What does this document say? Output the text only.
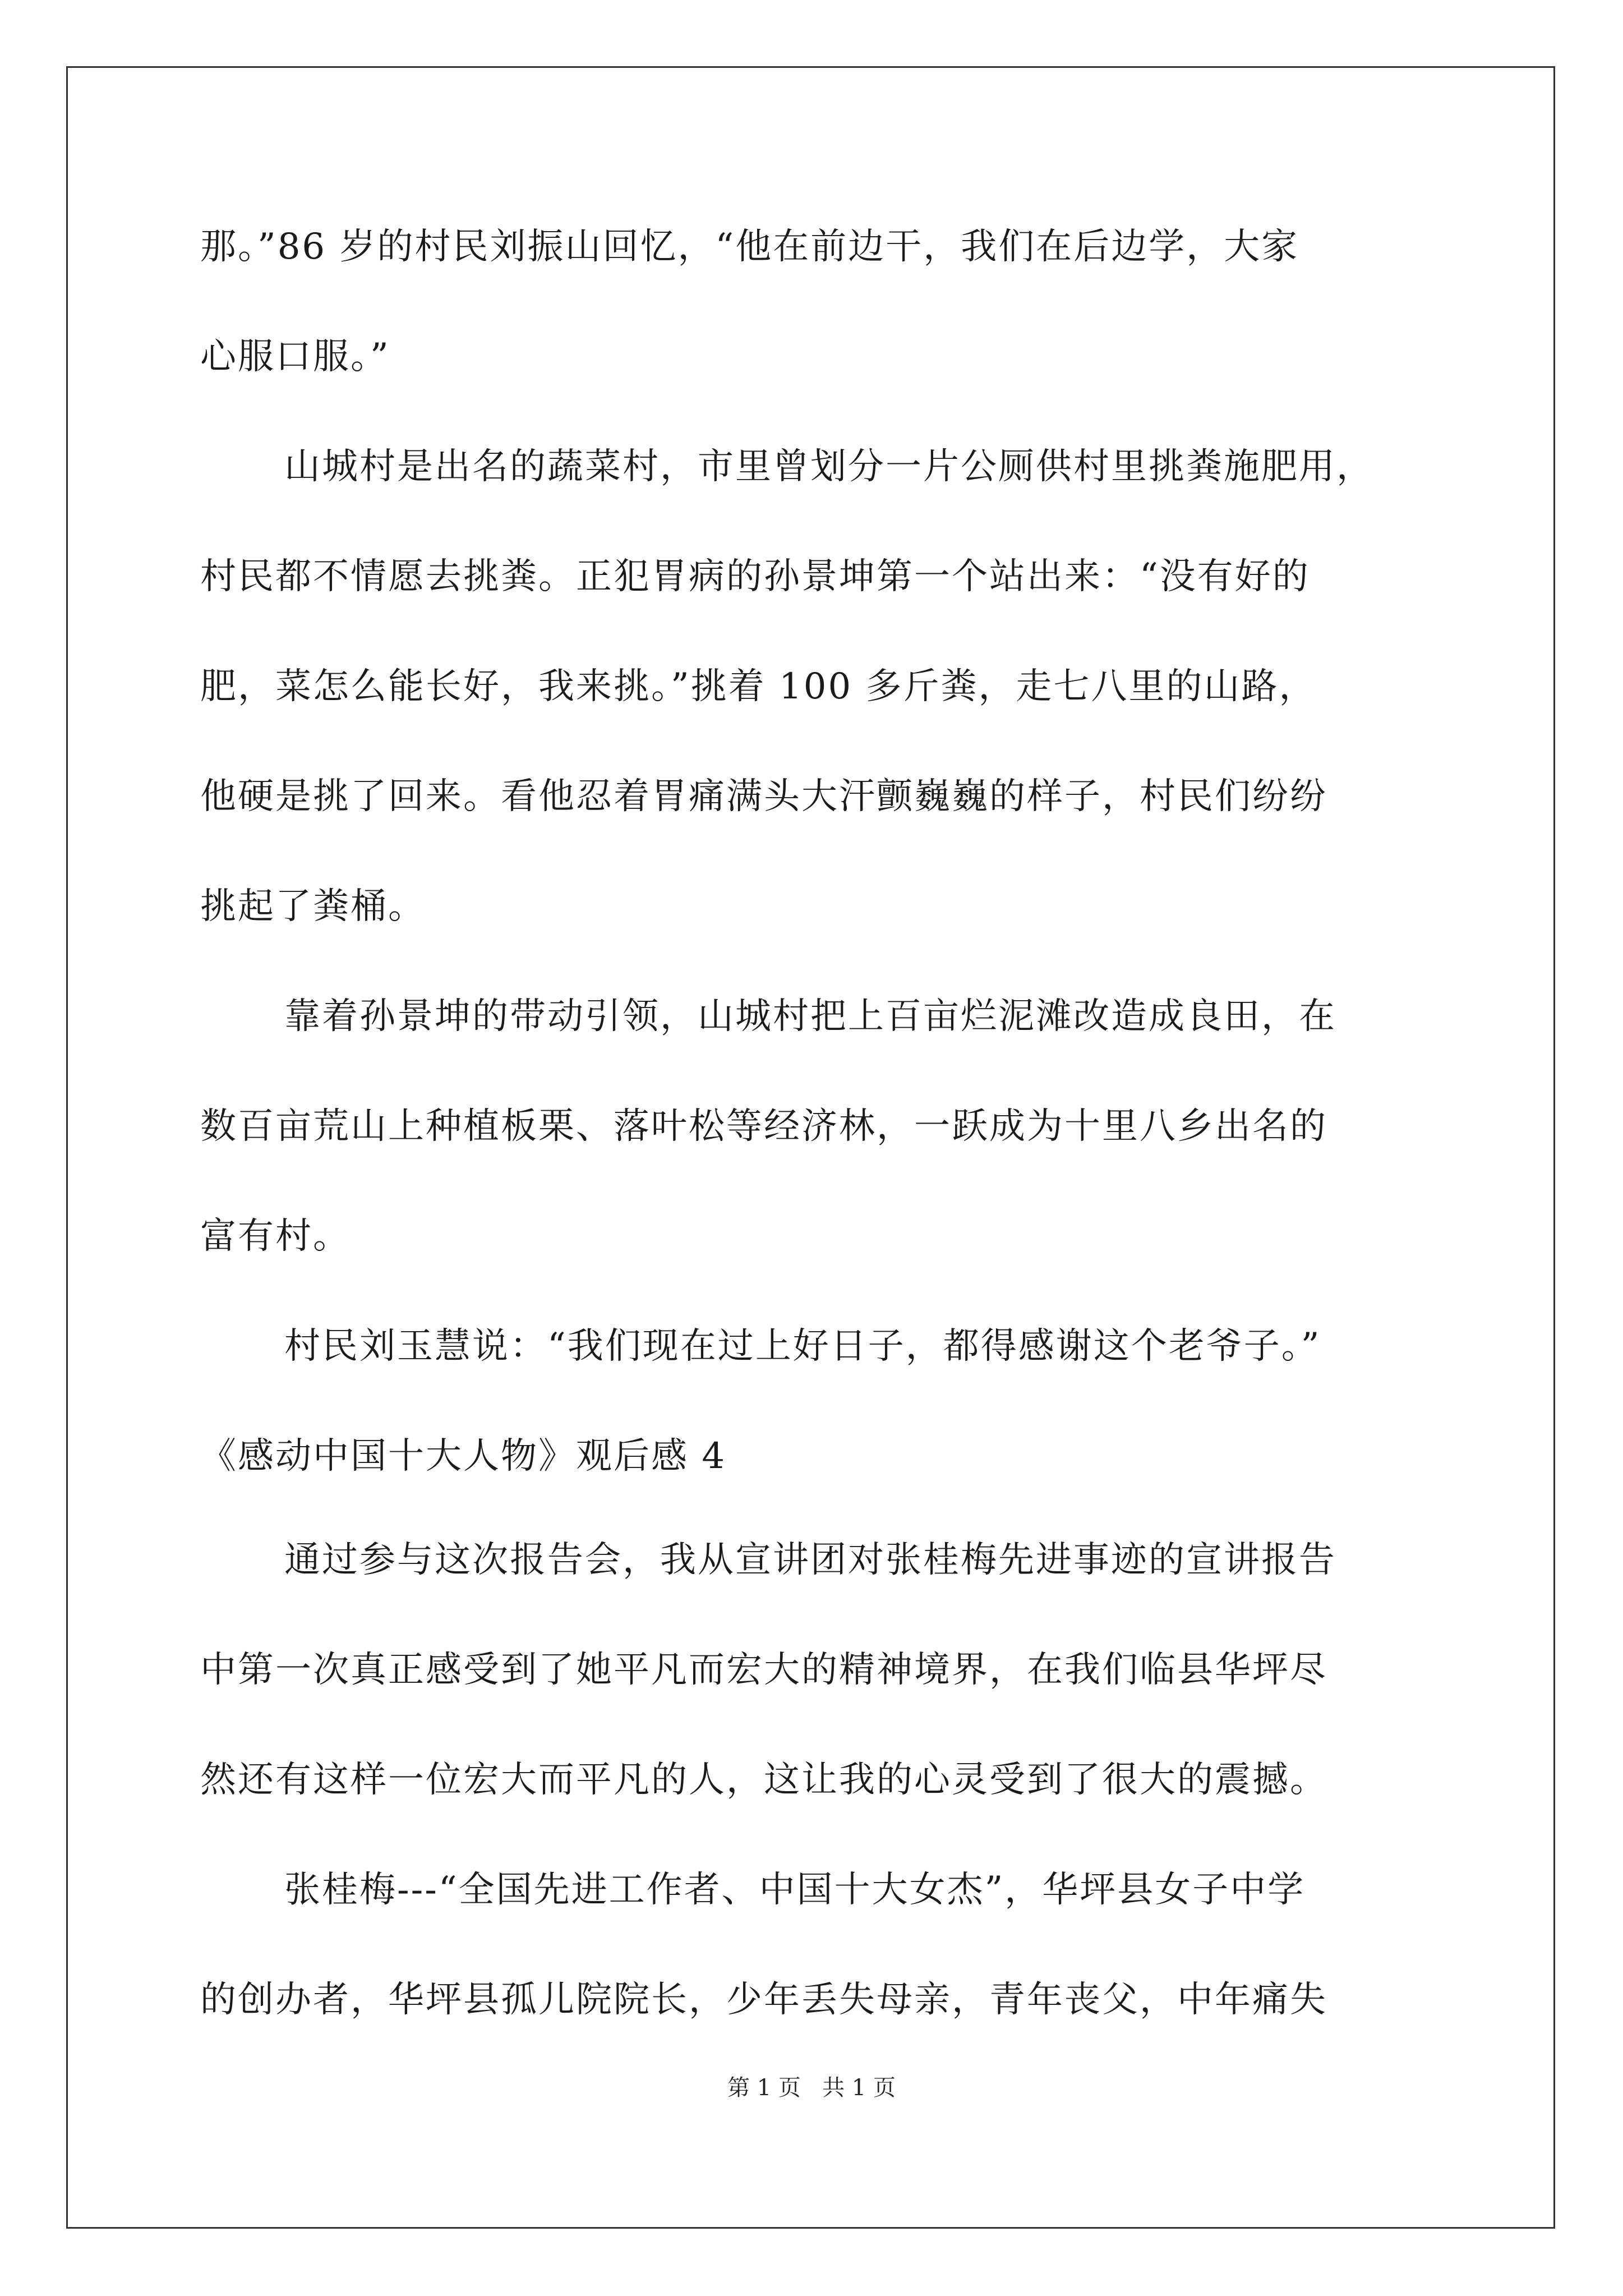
那。”86 岁的村民刘振山回忆，“他在前边干，我们在后边学，大家
心服口服。”
山城村是出名的蔬菜村，市里曾划分一片公厕供村里挑粪施肥用，
村民都不情愿去挑粪。正犯胃病的孙景坤第一个站出来：“没有好的
肥，菜怎么能长好，我来挑。”挑着 100 多斤粪，走七八里的山路，
他硬是挑了回来。看他忍着胃痛满头大汗颤巍巍的样子，村民们纷纷
挑起了粪桶。
靠着孙景坤的带动引领，山城村把上百亩烂泥滩改造成良田，在
数百亩荒山上种植板栗、落叶松等经济林，一跃成为十里八乡出名的
富有村。
村民刘玉慧说：“我们现在过上好日子，都得感谢这个老爷子。”
《感动中国十大人物》观后感 4
通过参与这次报告会，我从宣讲团对张桂梅先进事迹的宣讲报告
中第一次真正感受到了她平凡而宏大的精神境界，在我们临县华坪尽
然还有这样一位宏大而平凡的人，这让我的心灵受到了很大的震撼。
张桂梅---“全国先进工作者、中国十大女杰”，华坪县女子中学
的创办者，华坪县孤儿院院长，少年丢失母亲，青年丧父，中年痛失
第 1 页   共 1 页
